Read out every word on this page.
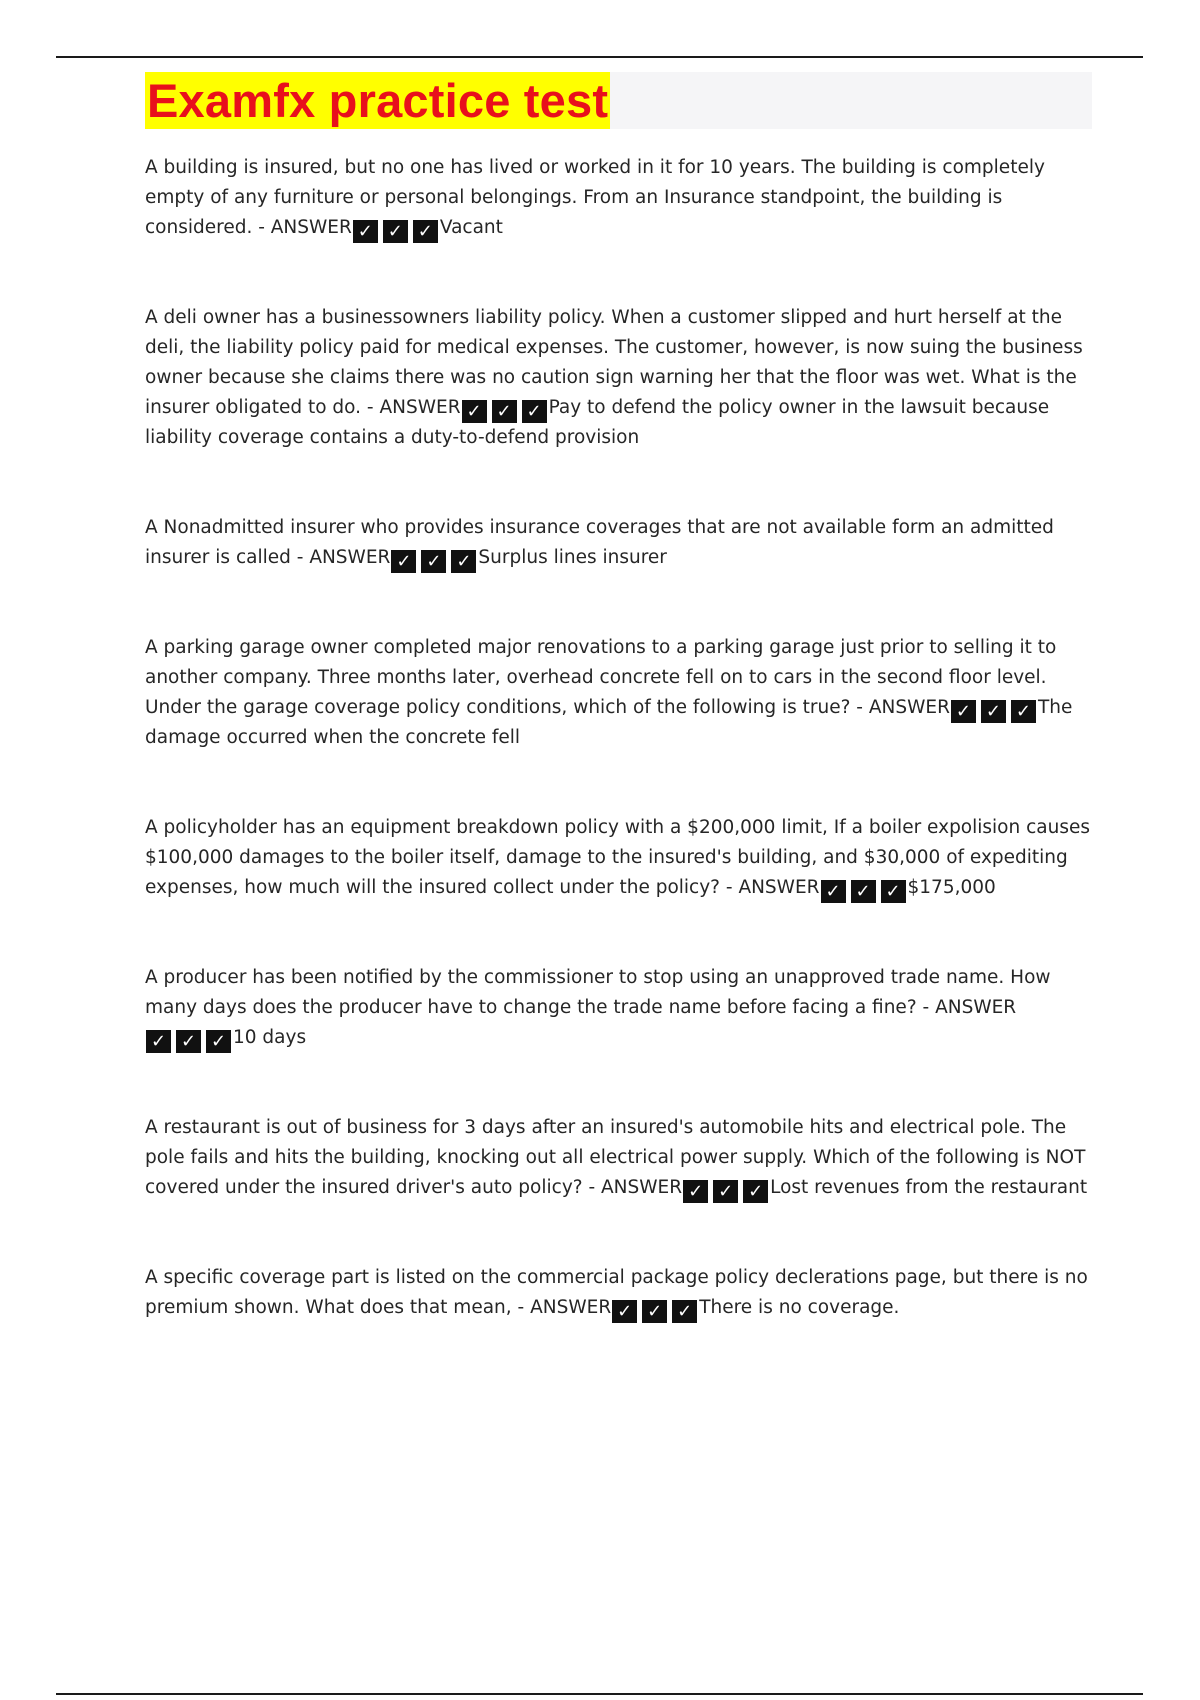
Examfx practice test

A building is insured, but no one has lived or worked in it for 10 years. The building is completely empty of any furniture or personal belongings. From an Insurance standpoint, the building is considered. - ANSWER ✓ ✓ ✓	Vacant

A deli owner has a businessowners liability policy. When a customer slipped and hurt herself at the deli, the liability policy paid for medical expenses. The customer, however, is now suing the business owner because she claims there was no caution sign warning her that the floor was wet. What is the insurer obligated to do. - ANSWER ✓ ✓ ✓	Pay to defend the policy owner in the lawsuit because liability coverage contains a duty-to-defend provision

A Nonadmitted insurer who provides insurance coverages that are not available form an admitted insurer is called - ANSWER ✓ ✓ ✓	Surplus lines insurer

A parking garage owner completed major renovations to a parking garage just prior to selling it to another company. Three months later, overhead concrete fell on to cars in the second floor level. Under the garage coverage policy conditions, which of the following is true? - ANSWER ✓ ✓ ✓	The damage occurred when the concrete fell

A policyholder has an equipment breakdown policy with a $200,000 limit, If a boiler expolision causes $100,000 damages to the boiler itself, damage to the insured's building, and $30,000 of expediting expenses, how much will the insured collect under the policy? - ANSWER ✓ ✓ ✓	$175,000

A producer has been notified by the commissioner to stop using an unapproved trade name. How many days does the producer have to change the trade name before facing a fine? - ANSWER
✓
✓
✓
10 days

A restaurant is out of business for 3 days after an insured's automobile hits and electrical pole. The pole fails and hits the building, knocking out all electrical power supply. Which of the following is NOT covered under the insured driver's auto policy? - ANSWER ✓ ✓ ✓	Lost revenues from the restaurant

A specific coverage part is listed on the commercial package policy declerations page, but there is no premium shown. What does that mean, - ANSWER ✓ ✓ ✓	There is no coverage.
